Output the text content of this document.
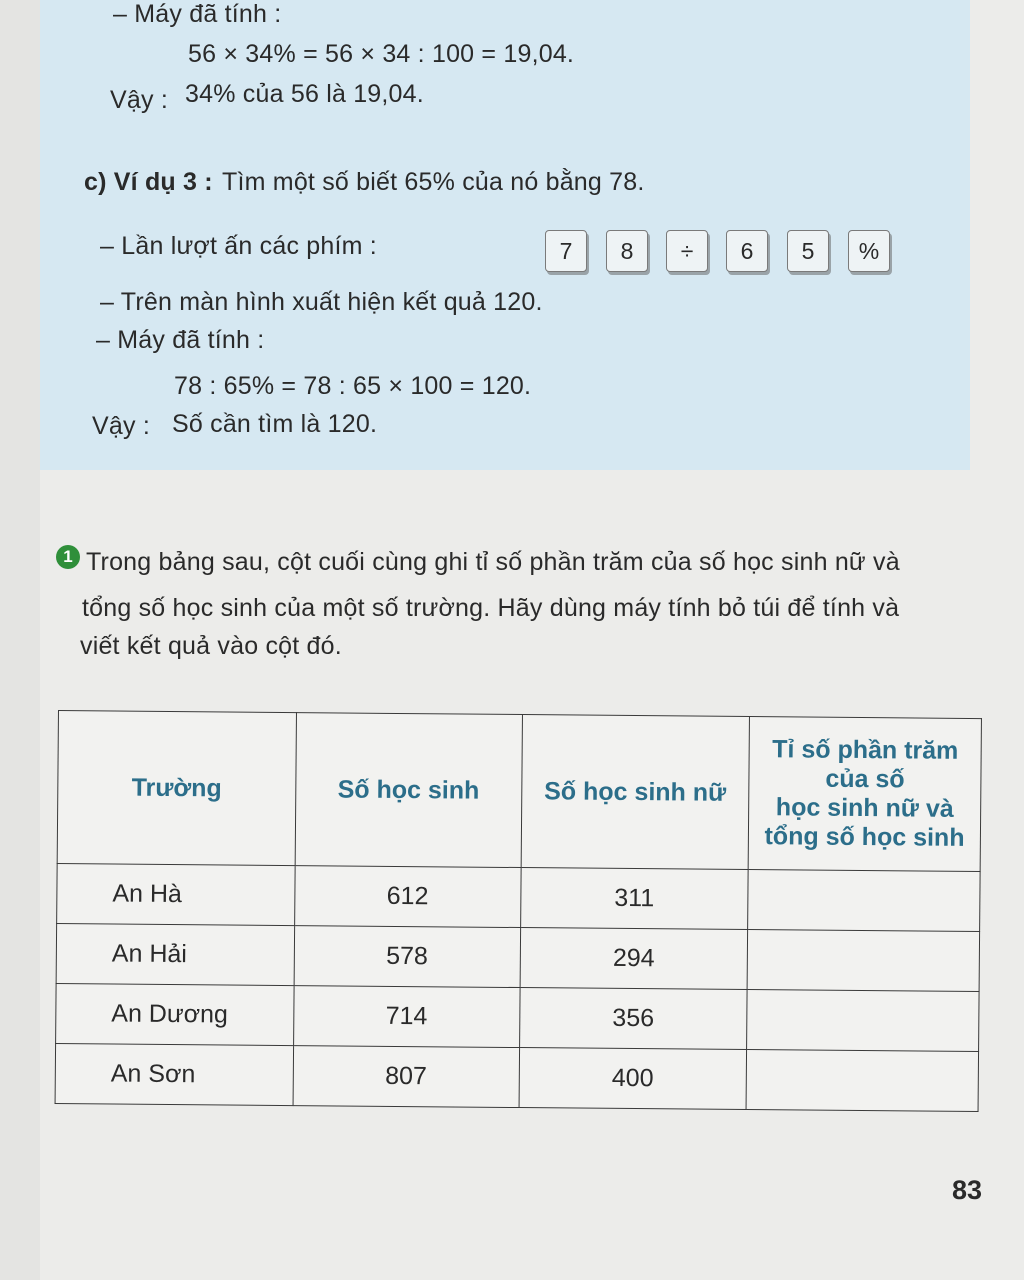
– Máy đã tính :
56 × 34% = 56 × 34 : 100 = 19,04.
Vậy : 34% của 56 là 19,04.
c) Ví dụ 3 : Tìm một số biết 65% của nó bằng 78.
– Lần lượt ấn các phím :	7	8	÷	6	5	%
– Trên màn hình xuất hiện kết quả 120.
– Máy đã tính :
78 : 65% = 78 : 65 × 100 = 120.
Vậy : Số cần tìm là 120.
1 Trong bảng sau, cột cuối cùng ghi tỉ số phần trăm của số học sinh nữ và
tổng số học sinh của một số trường. Hãy dùng máy tính bỏ túi để tính và
viết kết quả vào cột đó.
Trường	Số học sinh	Số học sinh nữ	Tỉ số phần trăm
của số
học sinh nữ và
tổng số học sinh

An Hà	612	311	
An Hải	578	294	
An Dương	714	356	
An Sơn	807	400	
83
